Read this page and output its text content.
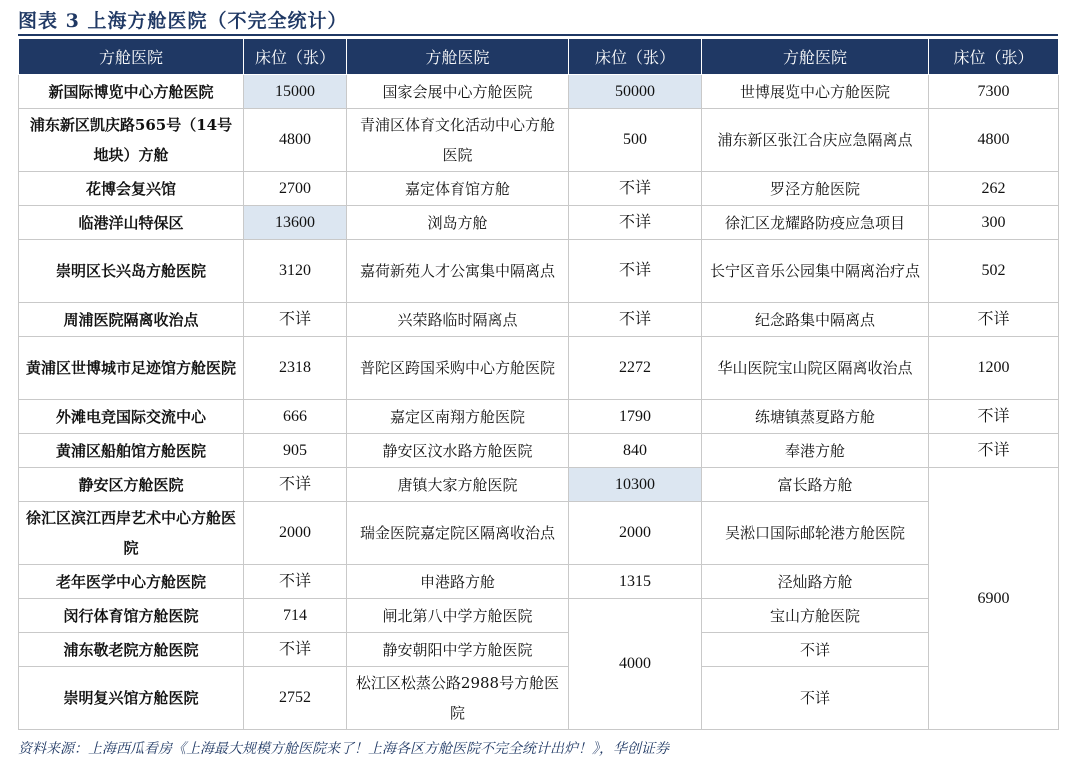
图表 3 上海方舱医院（不完全统计）
方舱医院	床位（张）	方舱医院	床位（张）	方舱医院	床位（张）
新国际博览中心方舱医院	15000	国家会展中心方舱医院	50000	世博展览中心方舱医院	7300
浦东新区凯庆路565号（14号地块）方舱	4800	青浦区体育文化活动中心方舱医院	500	浦东新区张江合庆应急隔离点	4800
花博会复兴馆	2700	嘉定体育馆方舱	不详	罗泾方舱医院	262
临港洋山特保区	13600	浏岛方舱	不详	徐汇区龙耀路防疫应急项目	300
崇明区长兴岛方舱医院	3120	嘉荷新苑人才公寓集中隔离点	不详	长宁区音乐公园集中隔离治疗点	502
周浦医院隔离收治点	不详	兴荣路临时隔离点	不详	纪念路集中隔离点	不详
黄浦区世博城市足迹馆方舱医院	2318	普陀区跨国采购中心方舱医院	2272	华山医院宝山院区隔离收治点	1200
外滩电竞国际交流中心	666	嘉定区南翔方舱医院	1790	练塘镇蒸夏路方舱	不详
黄浦区船舶馆方舱医院	905	静安区汶水路方舱医院	840	奉港方舱	不详
静安区方舱医院	不详	唐镇大家方舱医院	10300	富长路方舱	6900
徐汇区滨江西岸艺术中心方舱医院	2000	瑞金医院嘉定院区隔离收治点	2000	吴淞口国际邮轮港方舱医院	
老年医学中心方舱医院	不详	申港路方舱	1315	泾灿路方舱	
闵行体育馆方舱医院	714	闸北第八中学方舱医院	4000	宝山方舱医院	
浦东敬老院方舱医院	不详	静安朝阳中学方舱医院		不详	
崇明复兴馆方舱医院	2752	松江区松蒸公路2988号方舱医院		不详	
资料来源：上海西瓜看房《上海最大规模方舱医院来了！上海各区方舱医院不完全统计出炉！》，华创证券
